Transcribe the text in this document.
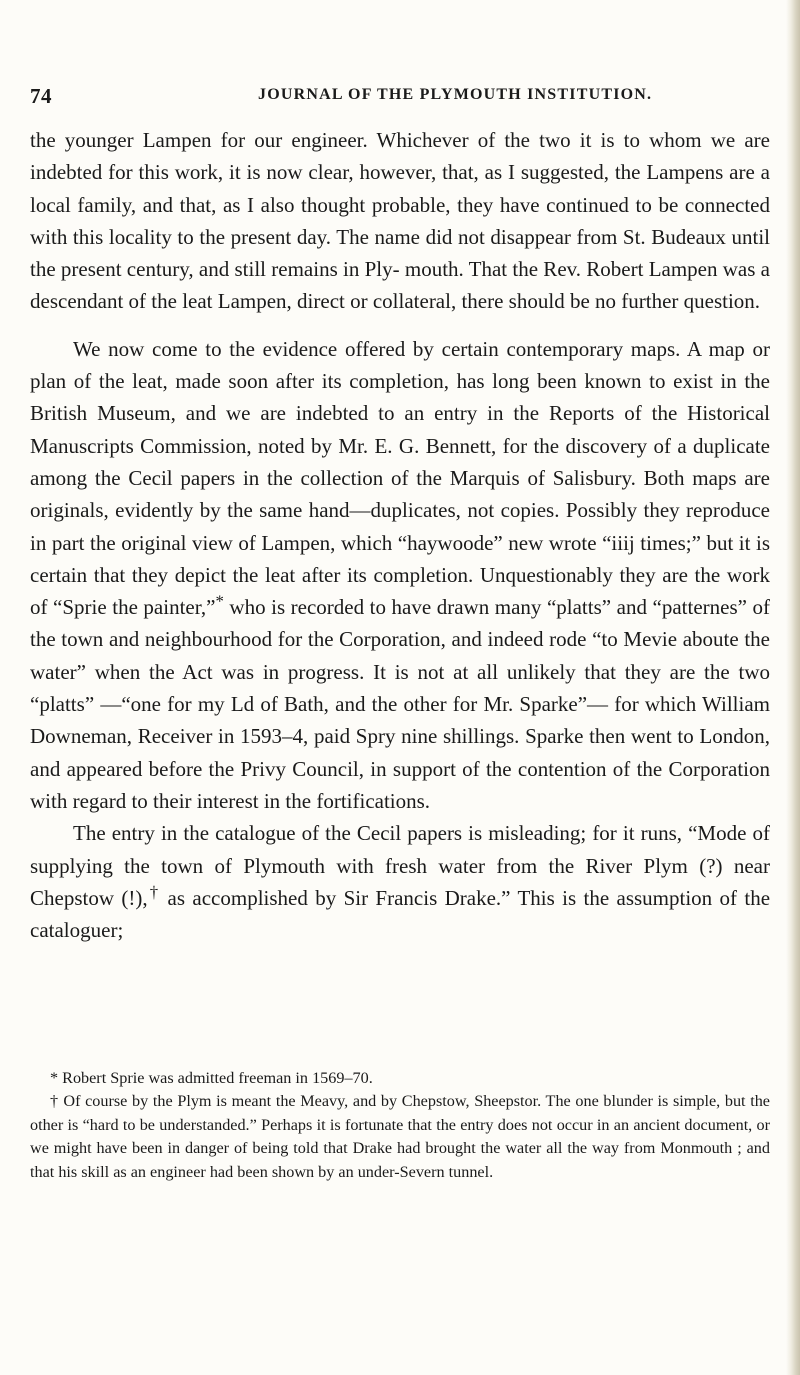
74	JOURNAL OF THE PLYMOUTH INSTITUTION.

the younger Lampen for our engineer. Whichever of the two it is to whom we are indebted for this work, it is now clear, however, that, as I suggested, the Lampens are a local family, and that, as I also thought probable, they have continued to be connected with this locality to the present day. The name did not disappear from St. Budeaux until the present century, and still remains in Ply- mouth. That the Rev. Robert Lampen was a descendant of the leat Lampen, direct or collateral, there should be no further question.

We now come to the evidence offered by certain contemporary maps. A map or plan of the leat, made soon after its completion, has long been known to exist in the British Museum, and we are indebted to an entry in the Reports of the Historical Manuscripts Commission, noted by Mr. E. G. Bennett, for the discovery of a duplicate among the Cecil papers in the collection of the Marquis of Salisbury. Both maps are originals, evidently by the same hand—duplicates, not copies. Possibly they reproduce in part the original view of Lampen, which “haywoode” new wrote “iiij times;” but it is certain that they depict the leat after its completion. Unquestionably they are the work of “Sprie the painter,”* who is recorded to have drawn many “platts” and “patternes” of the town and neighbourhood for the Corporation, and indeed rode “to Mevie aboute the water” when the Act was in progress. It is not at all unlikely that they are the two “platts” —“one for my Ld of Bath, and the other for Mr. Sparke”— for which William Downeman, Receiver in 1593–4, paid Spry nine shillings. Sparke then went to London, and appeared before the Privy Council, in support of the contention of the Corporation with regard to their interest in the fortifications.

The entry in the catalogue of the Cecil papers is misleading; for it runs, “Mode of supplying the town of Plymouth with fresh water from the River Plym (?) near Chepstow (!),† as accomplished by Sir Francis Drake.” This is the assumption of the cataloguer;

* Robert Sprie was admitted freeman in 1569–70.

† Of course by the Plym is meant the Meavy, and by Chepstow, Sheepstor. The one blunder is simple, but the other is “hard to be understanded.” Perhaps it is fortunate that the entry does not occur in an ancient document, or we might have been in danger of being told that Drake had brought the water all the way from Monmouth ; and that his skill as an engineer had been shown by an under-Severn tunnel.
